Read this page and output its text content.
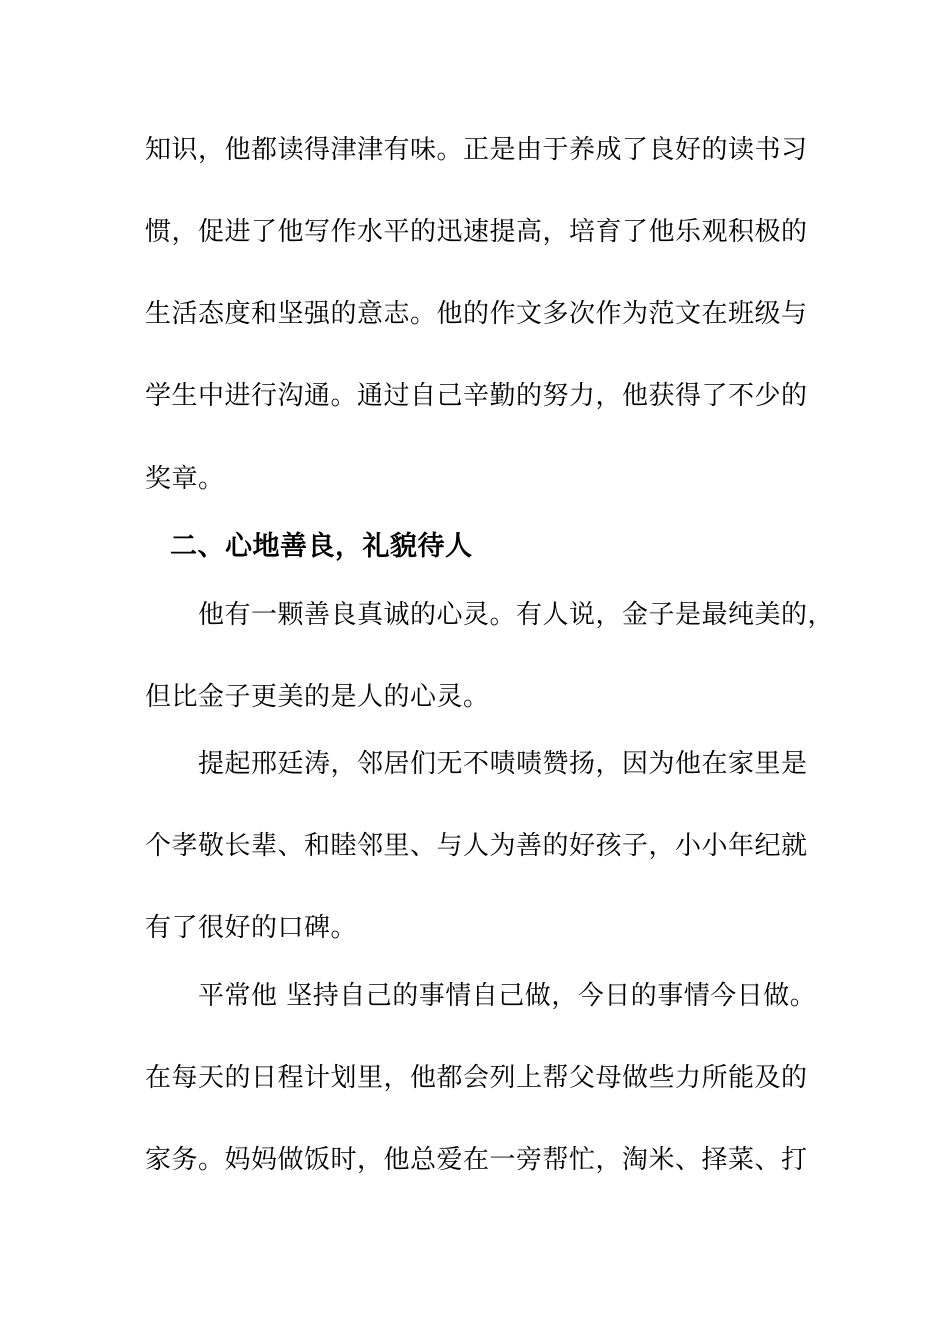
知识，他都读得津津有味。正是由于养成了良好的读书习
惯，促进了他写作水平的迅速提高，培育了他乐观积极的
生活态度和坚强的意志。他的作文多次作为范文在班级与
学生中进行沟通。通过自己辛勤的努力，他获得了不少的
奖章。
二、心地善良，礼貌待人
他有一颗善良真诚的心灵。有人说，金子是最纯美的，
但比金子更美的是人的心灵。
提起邢廷涛，邻居们无不啧啧赞扬，因为他在家里是
个孝敬长辈、和睦邻里、与人为善的好孩子，小小年纪就
有了很好的口碑。
平常他 坚持自己的事情自己做，今日的事情今日做。
在每天的日程计划里，他都会列上帮父母做些力所能及的
家务。妈妈做饭时，他总爱在一旁帮忙，淘米、择菜、打
